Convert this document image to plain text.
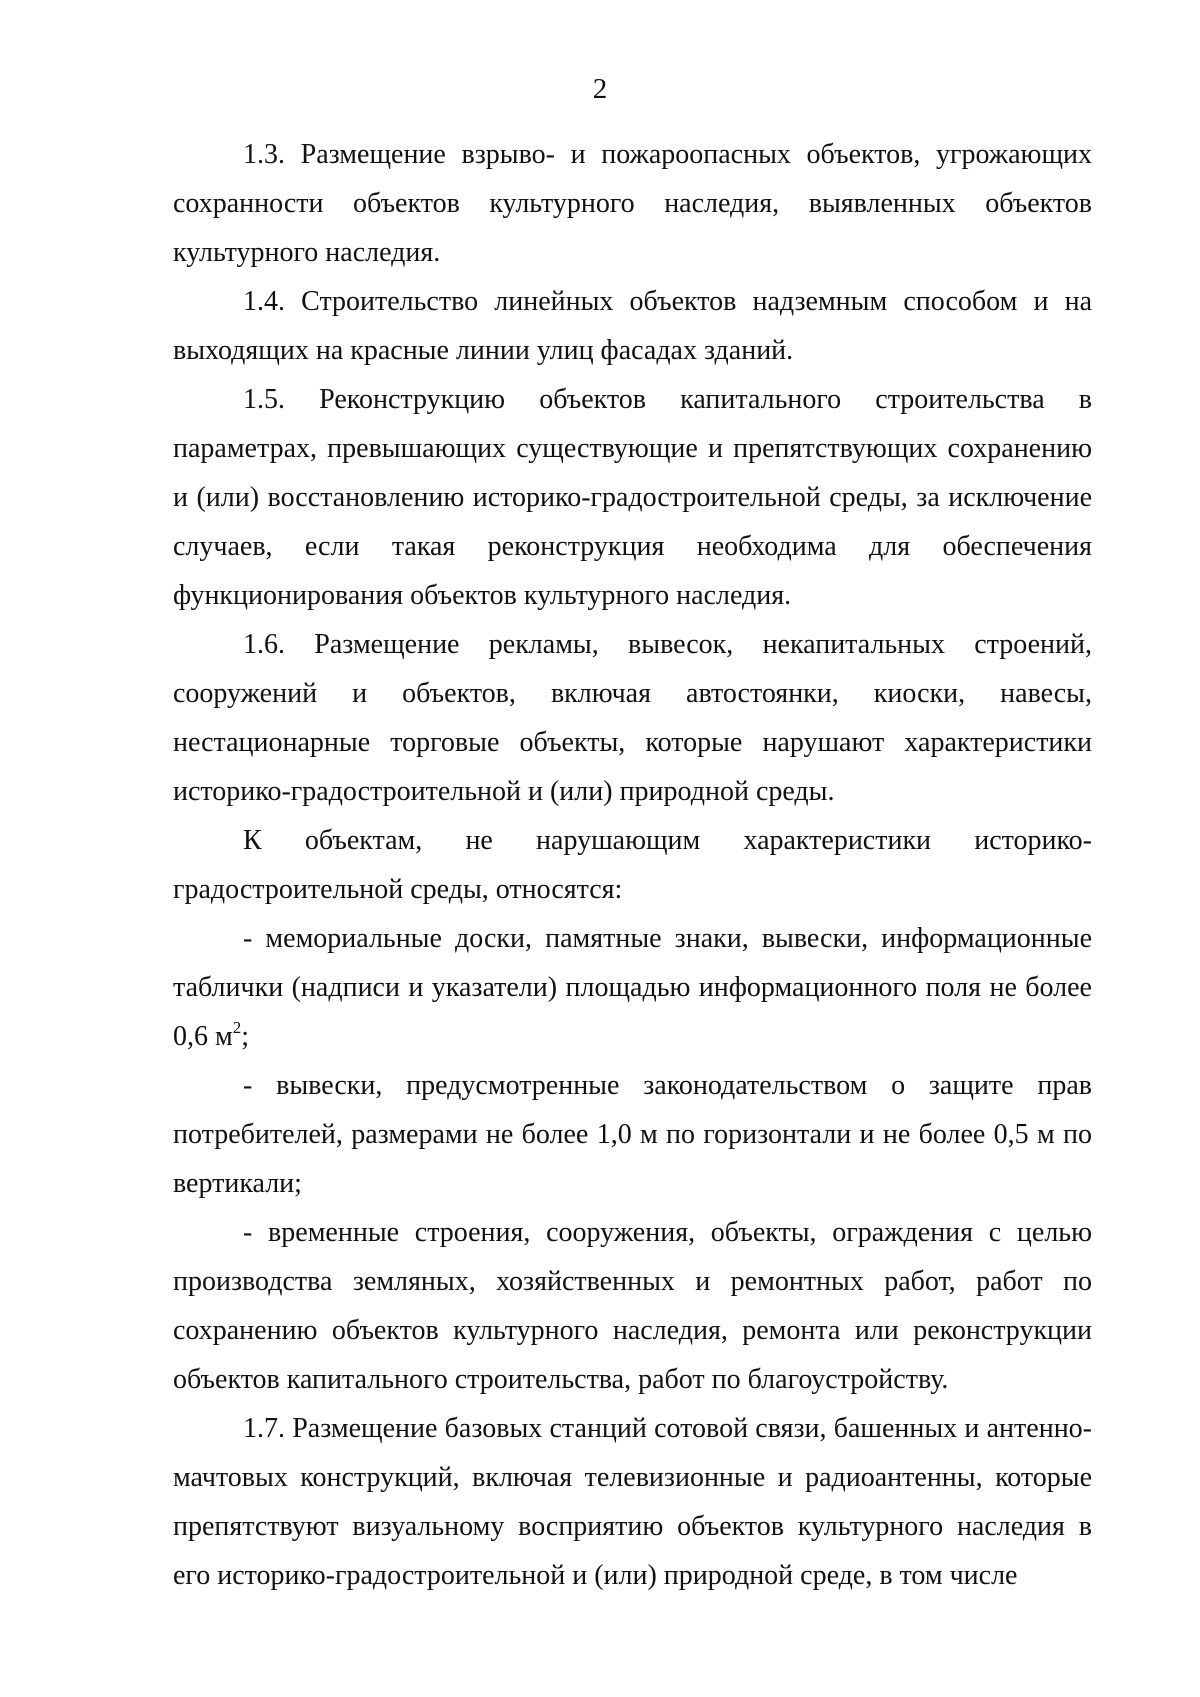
2

1.3. Размещение взрыво- и пожароопасных объектов, угрожающих сохранности объектов культурного наследия, выявленных объектов культурного наследия.

1.4. Строительство линейных объектов надземным способом и на выходящих на красные линии улиц фасадах зданий.

1.5. Реконструкцию объектов капитального строительства в параметрах, превышающих существующие и препятствующих сохранению и (или) восстановлению историко-градостроительной среды, за исключение случаев, если такая реконструкция необходима для обеспечения функционирования объектов культурного наследия.

1.6. Размещение рекламы, вывесок, некапитальных строений, сооружений и объектов, включая автостоянки, киоски, навесы, нестационарные торговые объекты, которые нарушают характеристики историко-градостроительной и (или) природной среды.

К объектам, не нарушающим характеристики историко-градостроительной среды, относятся:

- мемориальные доски, памятные знаки, вывески, информационные таблички (надписи и указатели) площадью информационного поля не более 0,6 $м^2$;

- вывески, предусмотренные законодательством о защите прав потребителей, размерами не более 1,0 м по горизонтали и не более 0,5 м по вертикали;

- временные строения, сооружения, объекты, ограждения с целью производства земляных, хозяйственных и ремонтных работ, работ по сохранению объектов культурного наследия, ремонта или реконструкции объектов капитального строительства, работ по благоустройству.

1.7. Размещение базовых станций сотовой связи, башенных и антенно-мачтовых конструкций, включая телевизионные и радиоантенны, которые препятствуют визуальному восприятию объектов культурного наследия в его историко-градостроительной и (или) природной среде, в том числе
